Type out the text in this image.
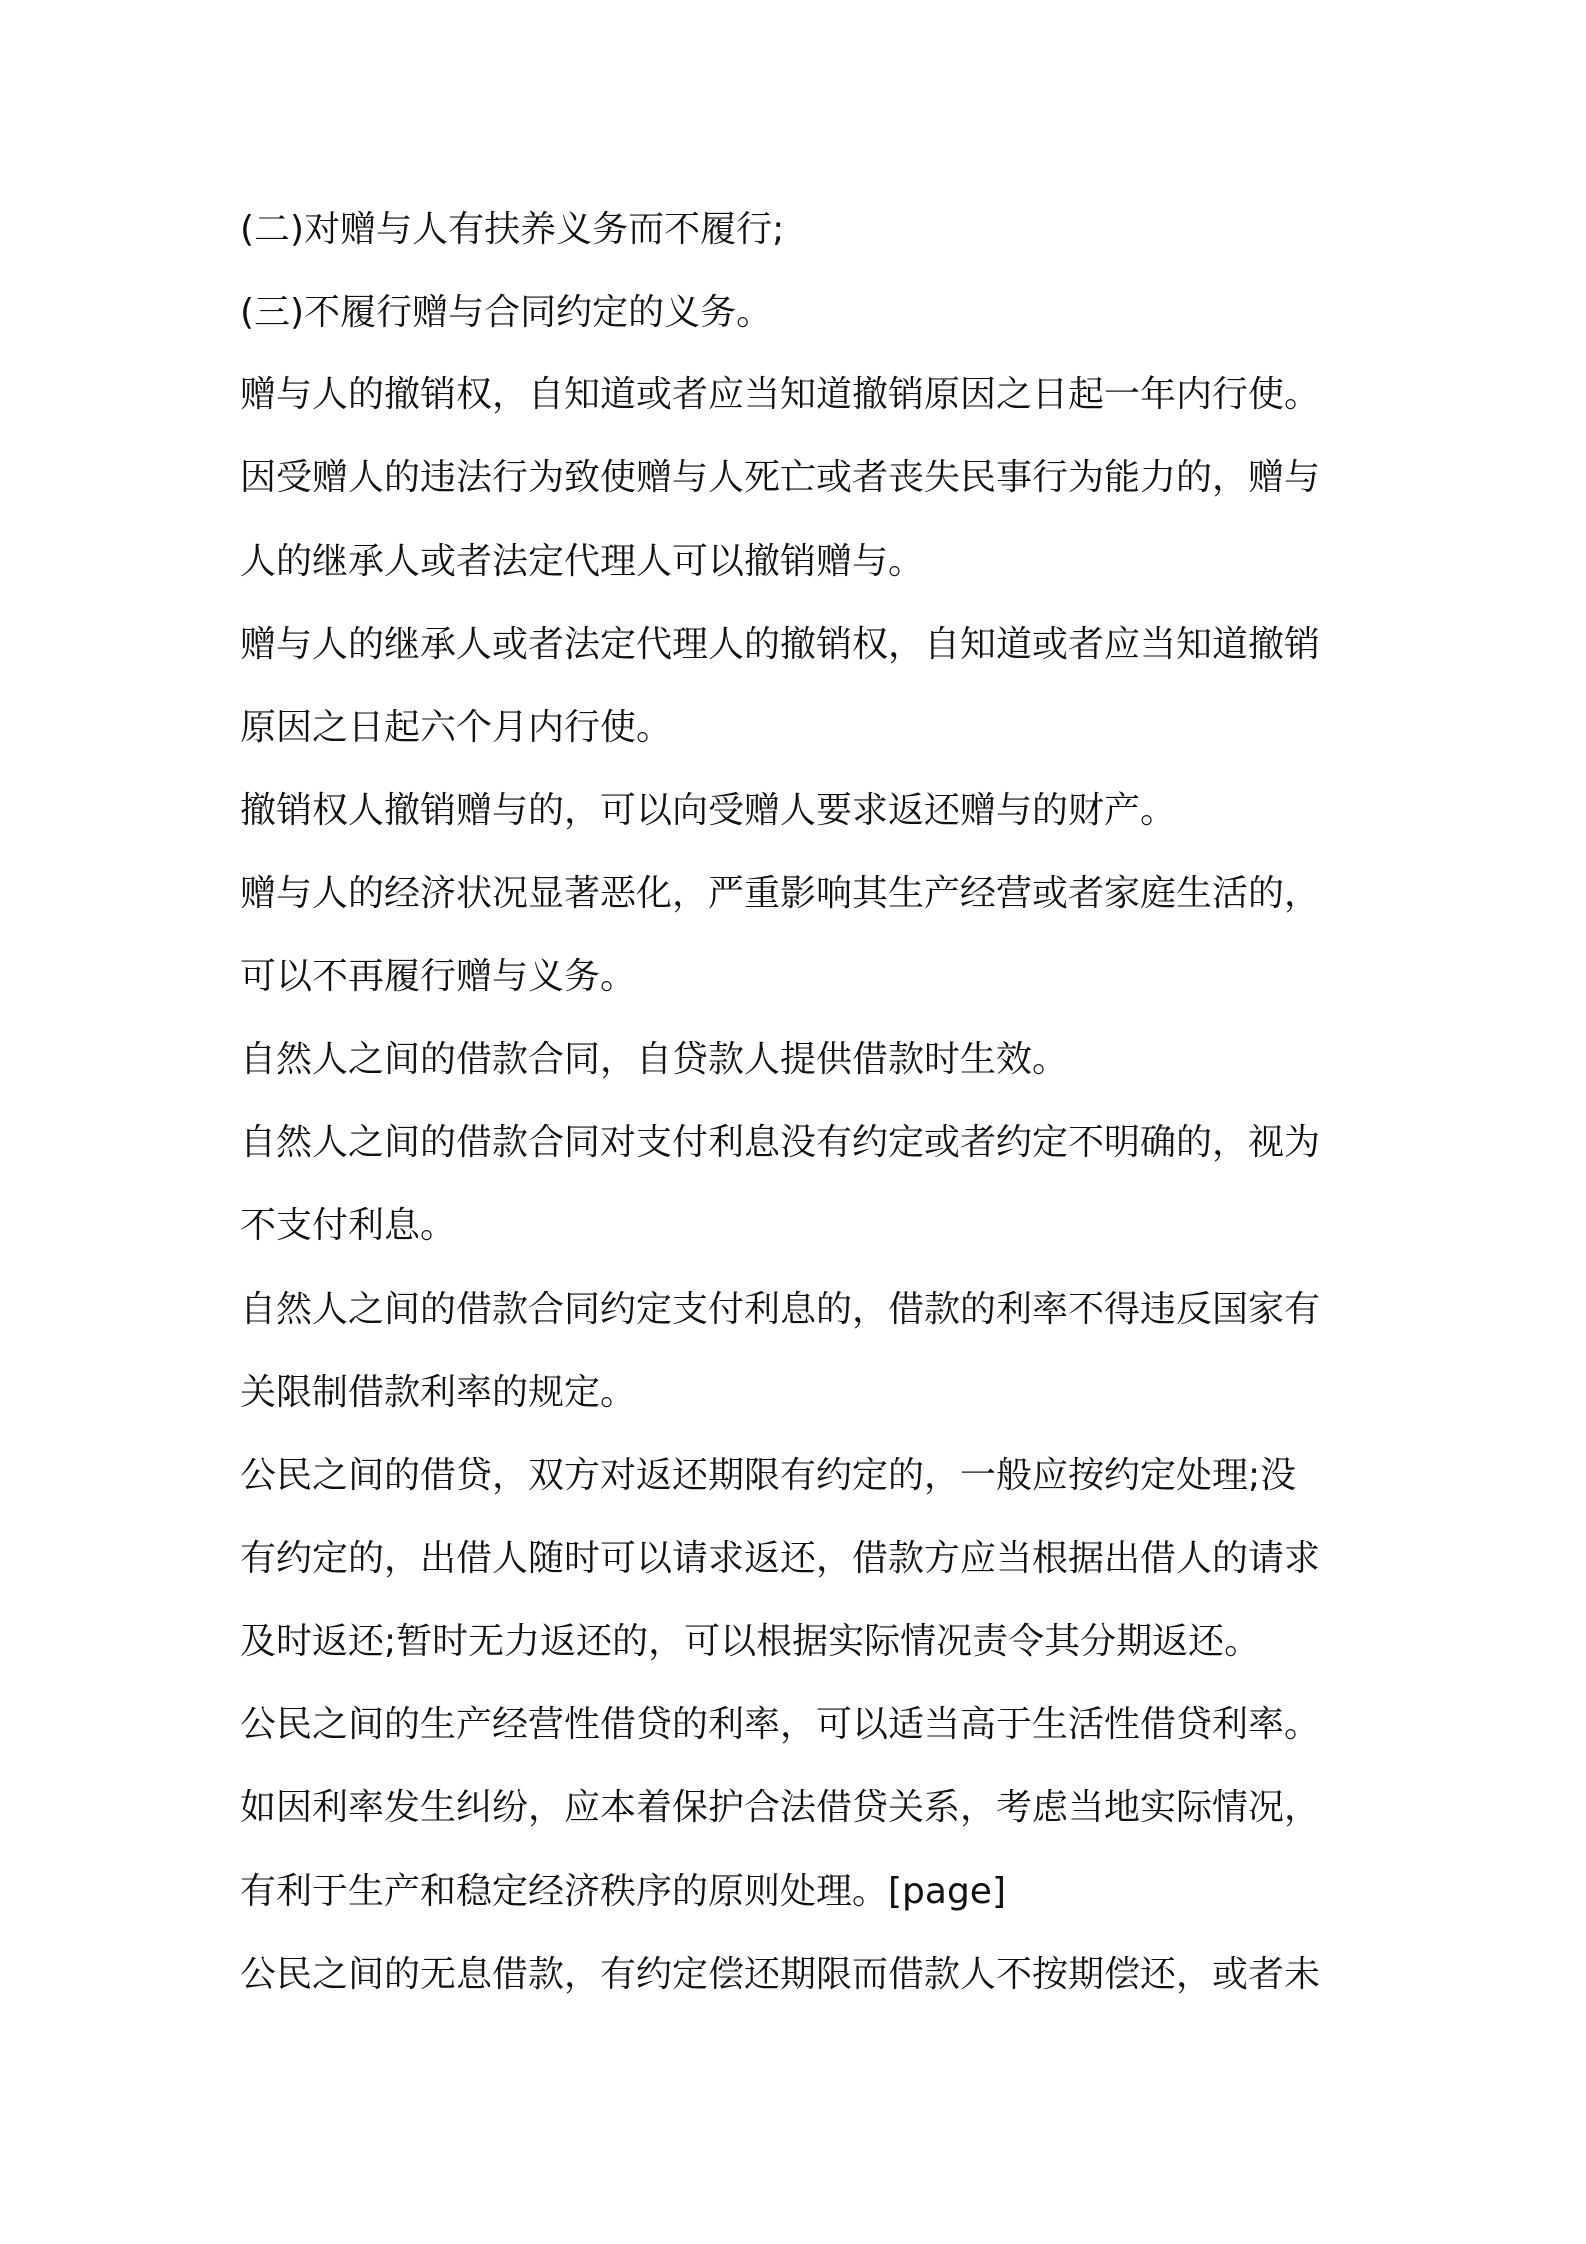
(二)对赠与人有扶养义务而不履行;
(三)不履行赠与合同约定的义务。
赠与人的撤销权，自知道或者应当知道撤销原因之日起一年内行使。
因受赠人的违法行为致使赠与人死亡或者丧失民事行为能力的，赠与
人的继承人或者法定代理人可以撤销赠与。
赠与人的继承人或者法定代理人的撤销权，自知道或者应当知道撤销
原因之日起六个月内行使。
撤销权人撤销赠与的，可以向受赠人要求返还赠与的财产。
赠与人的经济状况显著恶化，严重影响其生产经营或者家庭生活的，
可以不再履行赠与义务。
自然人之间的借款合同，自贷款人提供借款时生效。
自然人之间的借款合同对支付利息没有约定或者约定不明确的，视为
不支付利息。
自然人之间的借款合同约定支付利息的，借款的利率不得违反国家有
关限制借款利率的规定。
公民之间的借贷，双方对返还期限有约定的，一般应按约定处理;没
有约定的，出借人随时可以请求返还，借款方应当根据出借人的请求
及时返还;暂时无力返还的，可以根据实际情况责令其分期返还。
公民之间的生产经营性借贷的利率，可以适当高于生活性借贷利率。
如因利率发生纠纷，应本着保护合法借贷关系，考虑当地实际情况，
有利于生产和稳定经济秩序的原则处理。[page]
公民之间的无息借款，有约定偿还期限而借款人不按期偿还，或者未
